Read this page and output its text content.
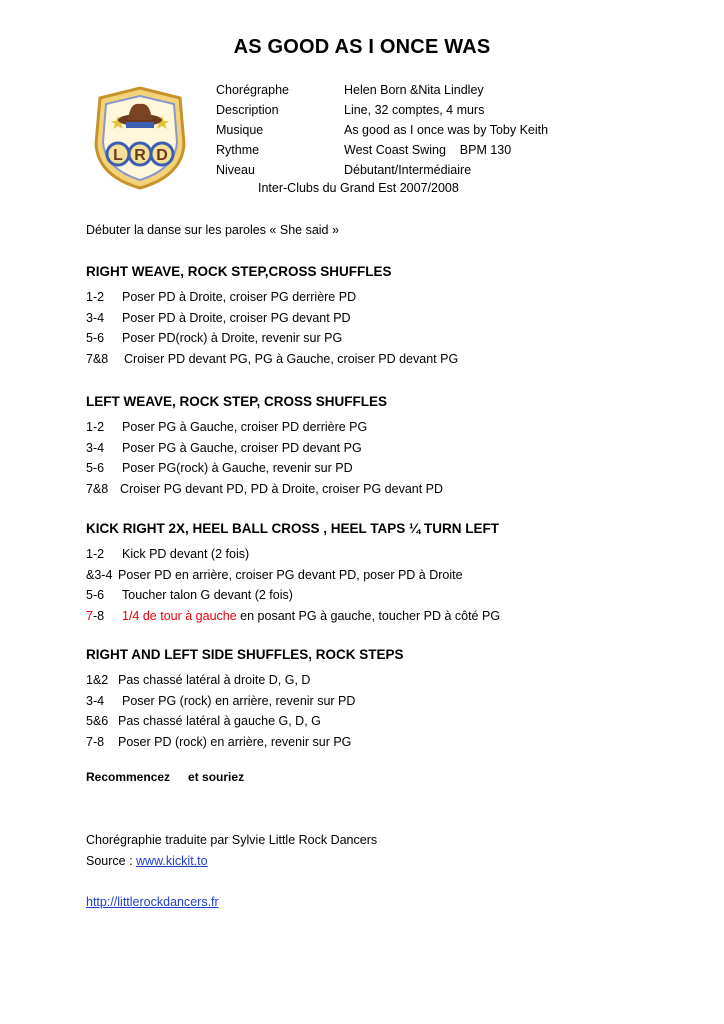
AS GOOD AS I ONCE WAS
L R D
Chorégraphe	Helen Born &Nita Lindley
Description	Line, 32 comptes, 4 murs
Musique	As good as I once was by Toby Keith
Rythme	West Coast Swing    BPM 130
Niveau	Débutant/Intermédiaire
Inter-Clubs du Grand Est 2007/2008
Débuter la danse sur les paroles « She said »
RIGHT WEAVE, ROCK STEP,CROSS SHUFFLES
1-2 Poser PD à Droite, croiser PG derrière PD
3-4 Poser PD à Droite, croiser PG devant PD
5-6 Poser PD(rock) à Droite, revenir sur PG
7&8 Croiser PD devant PG, PG à Gauche, croiser PD devant PG
LEFT WEAVE, ROCK STEP, CROSS SHUFFLES
1-2 Poser PG à Gauche, croiser PD derrière PG
3-4 Poser PG à Gauche, croiser PD devant PG
5-6 Poser PG(rock) à Gauche, revenir sur PD
7&8 Croiser PG devant PD, PD à Droite, croiser PG devant PD
KICK RIGHT 2X, HEEL BALL CROSS , HEEL TAPS ¼ TURN LEFT
1-2 Kick PD devant (2 fois)
&3-4 Poser PD en arrière, croiser PG devant PD, poser PD à Droite
5-6 Toucher talon G devant (2 fois)
7-8 1/4 de tour à gauche en posant PG à gauche, toucher PD à côté PG
RIGHT AND LEFT SIDE SHUFFLES, ROCK STEPS
1&2 Pas chassé latéral à droite D, G, D
3-4 Poser PG (rock) en arrière, revenir sur PD
5&6 Pas chassé latéral à gauche G, D, G
7-8 Poser PD (rock) en arrière, revenir sur PG
Recommencez et souriez
Chorégraphie traduite par Sylvie Little Rock Dancers
Source : www.kickit.to
http://littlerockdancers.fr
